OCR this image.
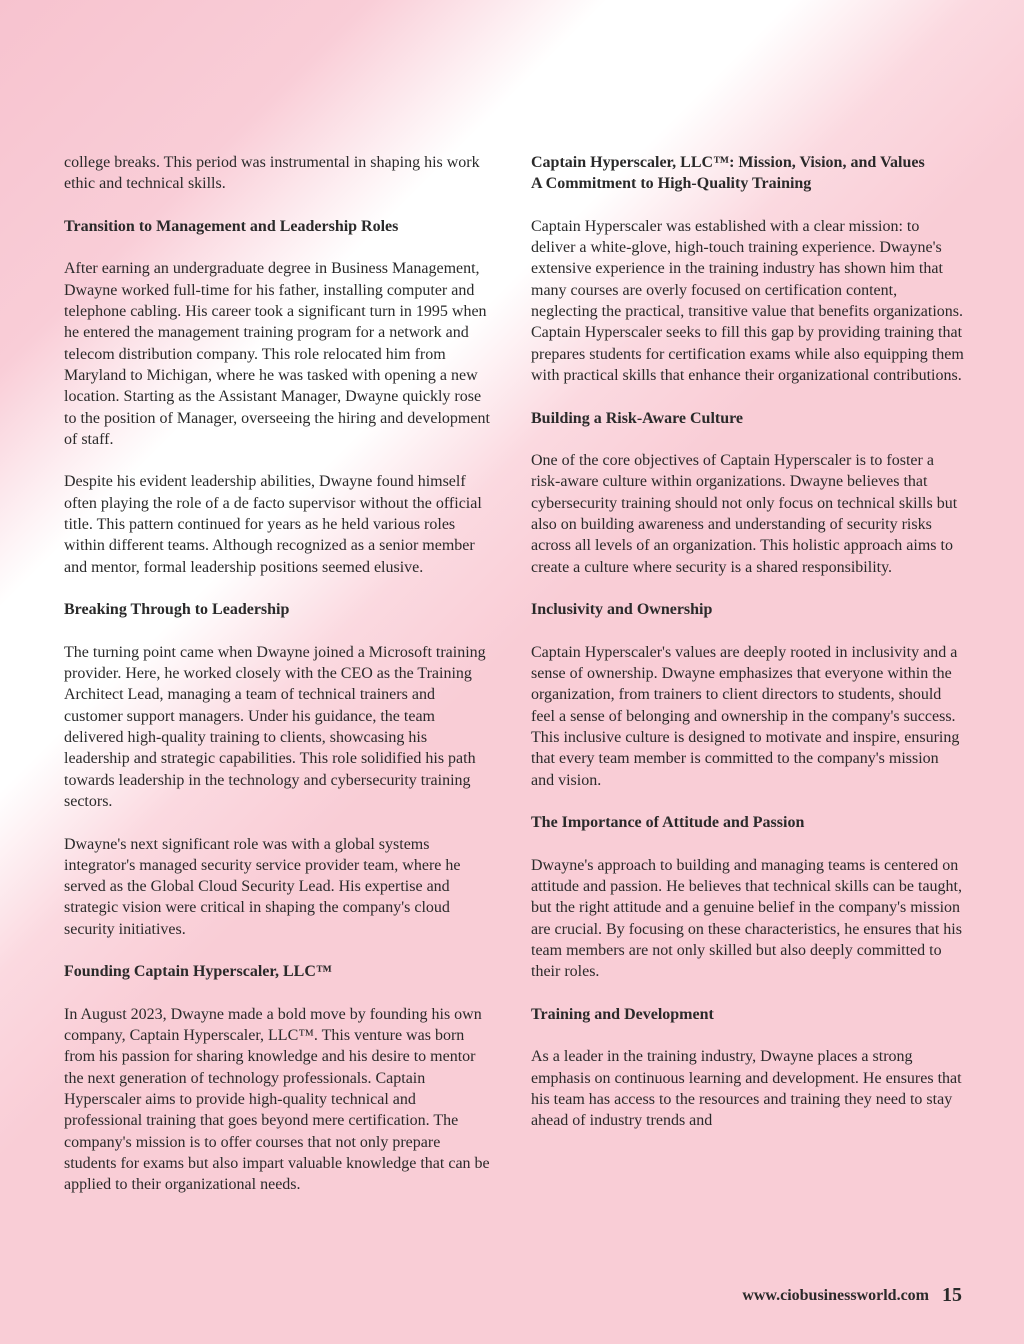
college breaks. This period was instrumental in shaping his work ethic and technical skills.

Transition to Management and Leadership Roles

After earning an undergraduate degree in Business Management, Dwayne worked full-time for his father, installing computer and telephone cabling. His career took a significant turn in 1995 when he entered the management training program for a network and telecom distribution company. This role relocated him from Maryland to Michigan, where he was tasked with opening a new location. Starting as the Assistant Manager, Dwayne quickly rose to the position of Manager, overseeing the hiring and development of staff.

Despite his evident leadership abilities, Dwayne found himself often playing the role of a de facto supervisor without the official title. This pattern continued for years as he held various roles within different teams. Although recognized as a senior member and mentor, formal leadership positions seemed elusive.

Breaking Through to Leadership

The turning point came when Dwayne joined a Microsoft training provider. Here, he worked closely with the CEO as the Training Architect Lead, managing a team of technical trainers and customer support managers. Under his guidance, the team delivered high-quality training to clients, showcasing his leadership and strategic capabilities. This role solidified his path towards leadership in the technology and cybersecurity training sectors.

Dwayne's next significant role was with a global systems integrator's managed security service provider team, where he served as the Global Cloud Security Lead. His expertise and strategic vision were critical in shaping the company's cloud security initiatives.

Founding Captain Hyperscaler, LLC™

In August 2023, Dwayne made a bold move by founding his own company, Captain Hyperscaler, LLC™. This venture was born from his passion for sharing knowledge and his desire to mentor the next generation of technology professionals. Captain Hyperscaler aims to provide high-quality technical and professional training that goes beyond mere certification. The company's mission is to offer courses that not only prepare students for exams but also impart valuable knowledge that can be applied to their organizational needs.

Captain Hyperscaler, LLC™: Mission, Vision, and Values
A Commitment to High-Quality Training

Captain Hyperscaler was established with a clear mission: to deliver a white-glove, high-touch training experience. Dwayne's extensive experience in the training industry has shown him that many courses are overly focused on certification content, neglecting the practical, transitive value that benefits organizations. Captain Hyperscaler seeks to fill this gap by providing training that prepares students for certification exams while also equipping them with practical skills that enhance their organizational contributions.

Building a Risk-Aware Culture

One of the core objectives of Captain Hyperscaler is to foster a risk-aware culture within organizations. Dwayne believes that cybersecurity training should not only focus on technical skills but also on building awareness and understanding of security risks across all levels of an organization. This holistic approach aims to create a culture where security is a shared responsibility.

Inclusivity and Ownership

Captain Hyperscaler's values are deeply rooted in inclusivity and a sense of ownership. Dwayne emphasizes that everyone within the organization, from trainers to client directors to students, should feel a sense of belonging and ownership in the company's success. This inclusive culture is designed to motivate and inspire, ensuring that every team member is committed to the company's mission and vision.

The Importance of Attitude and Passion

Dwayne's approach to building and managing teams is centered on attitude and passion. He believes that technical skills can be taught, but the right attitude and a genuine belief in the company's mission are crucial. By focusing on these characteristics, he ensures that his team members are not only skilled but also deeply committed to their roles.

Training and Development

As a leader in the training industry, Dwayne places a strong emphasis on continuous learning and development. He ensures that his team has access to the resources and training they need to stay ahead of industry trends and

www.ciobusinessworld.com 15
